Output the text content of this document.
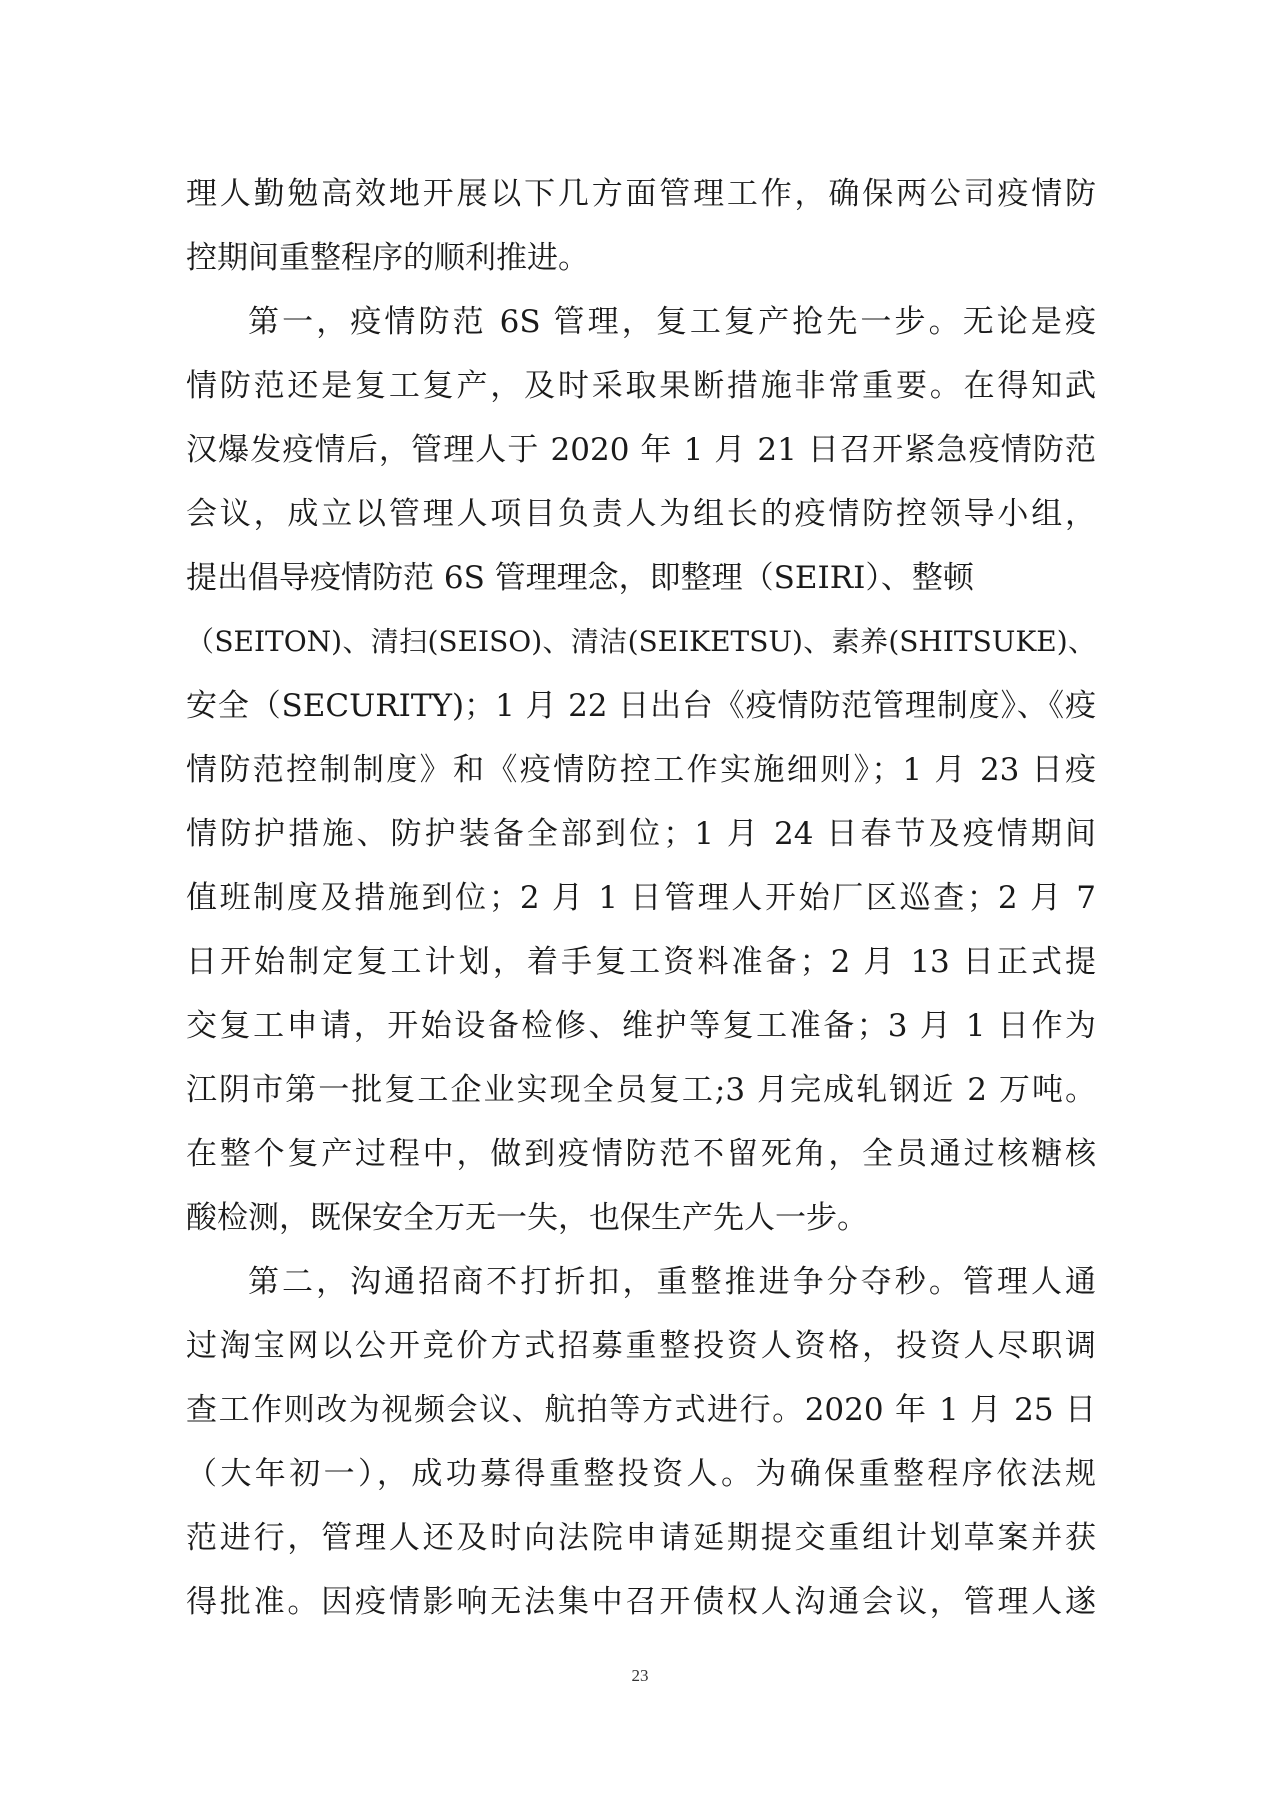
理人勤勉高效地开展以下几方面管理工作，确保两公司疫情防
控期间重整程序的顺利推进。
第一，疫情防范 6S 管理，复工复产抢先一步。无论是疫
情防范还是复工复产，及时采取果断措施非常重要。在得知武
汉爆发疫情后，管理人于 2020 年 1 月 21 日召开紧急疫情防范
会议，成立以管理人项目负责人为组长的疫情防控领导小组，
提出倡导疫情防范 6S 管理理念，即整理（SEIRI）、整顿
（SEITON)、清扫(SEISO)、清洁(SEIKETSU)、素养(SHITSUKE)、
安全（SECURITY)；1 月 22 日出台《疫情防范管理制度》、《疫
情防范控制制度》和《疫情防控工作实施细则》；1 月 23 日疫
情防护措施、防护装备全部到位；1 月 24 日春节及疫情期间
值班制度及措施到位；2 月 1 日管理人开始厂区巡查；2 月 7
日开始制定复工计划，着手复工资料准备；2 月 13 日正式提
交复工申请，开始设备检修、维护等复工准备；3 月 1 日作为
江阴市第一批复工企业实现全员复工;3 月完成轧钢近 2 万吨。
在整个复产过程中，做到疫情防范不留死角，全员通过核糖核
酸检测，既保安全万无一失，也保生产先人一步。
第二，沟通招商不打折扣，重整推进争分夺秒。管理人通
过淘宝网以公开竞价方式招募重整投资人资格，投资人尽职调
查工作则改为视频会议、航拍等方式进行。2020 年 1 月 25 日
（大年初一），成功募得重整投资人。为确保重整程序依法规
范进行，管理人还及时向法院申请延期提交重组计划草案并获
得批准。因疫情影响无法集中召开债权人沟通会议，管理人遂
23
